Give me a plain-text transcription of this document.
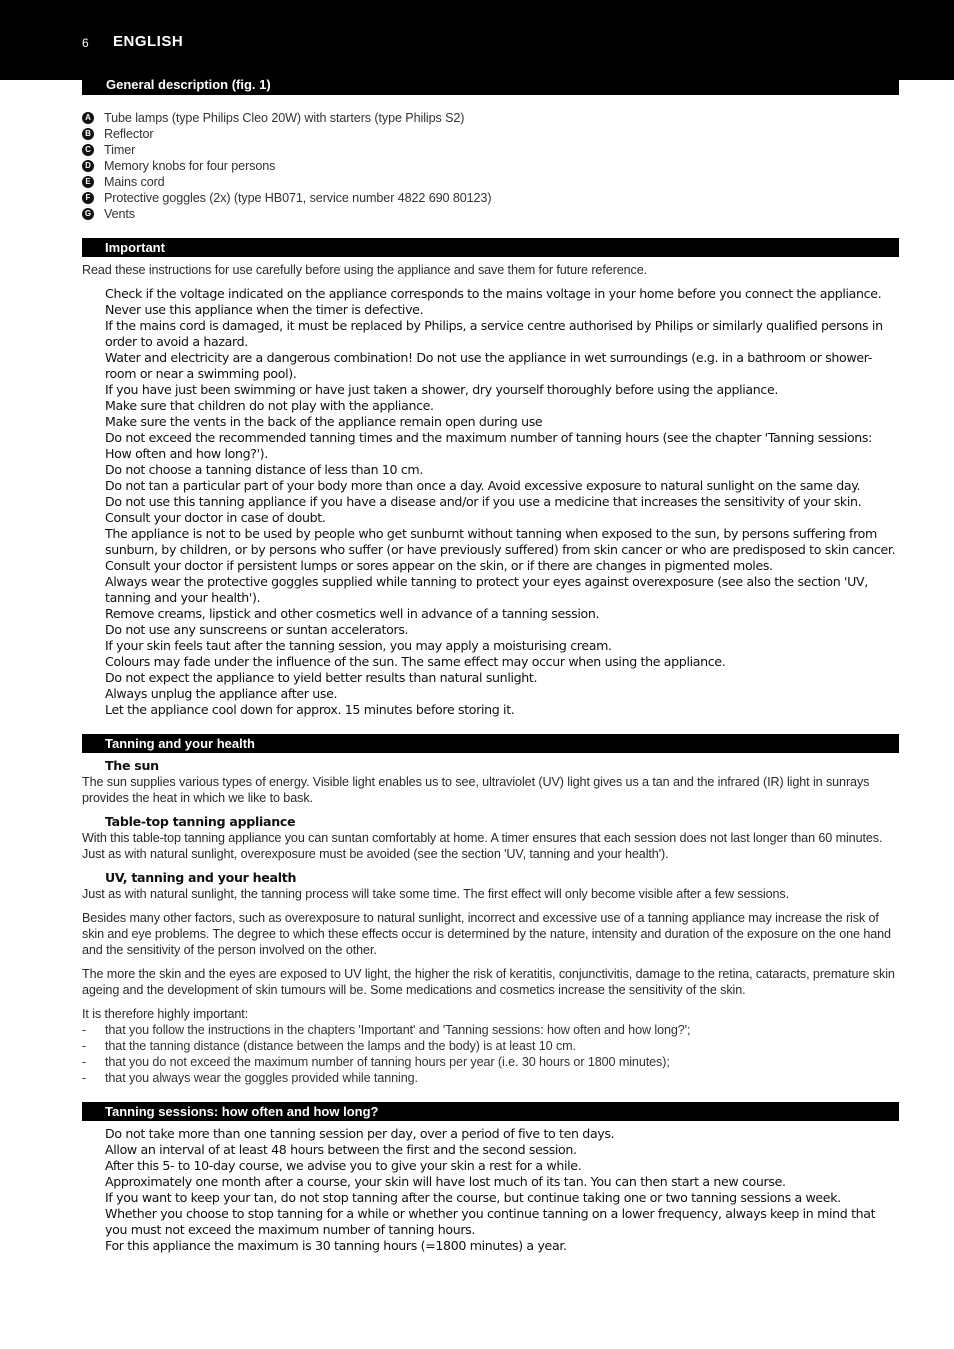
6 ENGLISH
General description (fig. 1)
A Tube lamps (type Philips Cleo 20W) with starters (type Philips S2)
B Reflector
C Timer
D Memory knobs for four persons
E Mains cord
F Protective goggles (2x) (type HB071, service number 4822 690 80123)
G Vents
Important

Read these instructions for use carefully before using the appliance and save them for future reference.

Check if the voltage indicated on the appliance corresponds to the mains voltage in your home before you connect the appliance.
Never use this appliance when the timer is defective.
If the mains cord is damaged, it must be replaced by Philips, a service centre authorised by Philips or similarly qualified persons in order to avoid a hazard.
Water and electricity are a dangerous combination! Do not use the appliance in wet surroundings (e.g. in a bathroom or shower-room or near a swimming pool).
If you have just been swimming or have just taken a shower, dry yourself thoroughly before using the appliance.
Make sure that children do not play with the appliance.
Make sure the vents in the back of the appliance remain open during use
Do not exceed the recommended tanning times and the maximum number of tanning hours (see the chapter 'Tanning sessions: How often and how long?').
Do not choose a tanning distance of less than 10 cm.
Do not tan a particular part of your body more than once a day. Avoid excessive exposure to natural sunlight on the same day.
Do not use this tanning appliance if you have a disease and/or if you use a medicine that increases the sensitivity of your skin. Consult your doctor in case of doubt.
The appliance is not to be used by people who get sunburnt without tanning when exposed to the sun, by persons suffering from sunburn, by children, or by persons who suffer (or have previously suffered) from skin cancer or who are predisposed to skin cancer.
Consult your doctor if persistent lumps or sores appear on the skin, or if there are changes in pigmented moles.
Always wear the protective goggles supplied while tanning to protect your eyes against overexposure (see also the section 'UV, tanning and your health').
Remove creams, lipstick and other cosmetics well in advance of a tanning session.
Do not use any sunscreens or suntan accelerators.
If your skin feels taut after the tanning session, you may apply a moisturising cream.
Colours may fade under the influence of the sun. The same effect may occur when using the appliance.
Do not expect the appliance to yield better results than natural sunlight.
Always unplug the appliance after use.
Let the appliance cool down for approx. 15 minutes before storing it.
Tanning and your health
The sun

The sun supplies various types of energy. Visible light enables us to see, ultraviolet (UV) light gives us a tan and the infrared (IR) light in sunrays provides the heat in which we like to bask.

Table-top tanning appliance

With this table-top tanning appliance you can suntan comfortably at home. A timer ensures that each session does not last longer than 60 minutes. Just as with natural sunlight, overexposure must be avoided (see the section 'UV, tanning and your health').

UV, tanning and your health

Just as with natural sunlight, the tanning process will take some time. The first effect will only become visible after a few sessions.

Besides many other factors, such as overexposure to natural sunlight, incorrect and excessive use of a tanning appliance may increase the risk of skin and eye problems. The degree to which these effects occur is determined by the nature, intensity and duration of the exposure on the one hand and the sensitivity of the person involved on the other.

The more the skin and the eyes are exposed to UV light, the higher the risk of keratitis, conjunctivitis, damage to the retina, cataracts, premature skin ageing and the development of skin tumours will be. Some medications and cosmetics increase the sensitivity of the skin.

It is therefore highly important:

-	that you follow the instructions in the chapters 'Important' and 'Tanning sessions: how often and how long?';
-	that the tanning distance (distance between the lamps and the body) is at least 10 cm.
-	that you do not exceed the maximum number of tanning hours per year (i.e. 30 hours or 1800 minutes);
-	that you always wear the goggles provided while tanning.
Tanning sessions: how often and how long?
Do not take more than one tanning session per day, over a period of five to ten days.
Allow an interval of at least 48 hours between the first and the second session.
After this 5- to 10-day course, we advise you to give your skin a rest for a while.
Approximately one month after a course, your skin will have lost much of its tan. You can then start a new course.
If you want to keep your tan, do not stop tanning after the course, but continue taking one or two tanning sessions a week.
Whether you choose to stop tanning for a while or whether you continue tanning on a lower frequency, always keep in mind that you must not exceed the maximum number of tanning hours.
For this appliance the maximum is 30 tanning hours (=1800 minutes) a year.
